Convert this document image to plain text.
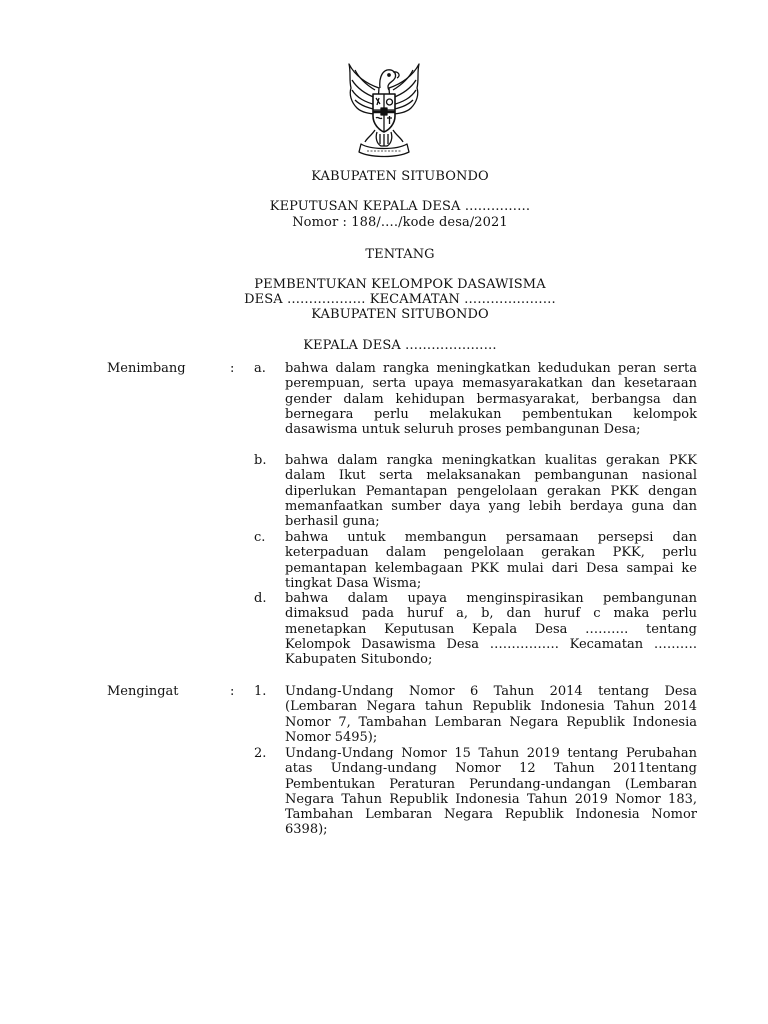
KABUPATEN SITUBONDO
KEPUTUSAN KEPALA DESA ……………
Nomor : 188/…./kode desa/2021
TENTANG
PEMBENTUKAN KELOMPOK DASAWISMA
DESA ……………… KECAMATAN …………………
KABUPATEN SITUBONDO
KEPALA DESA …………………
Menimbang	: a. bahwa dalam rangka meningkatkan kedudukan peran serta perempuan, serta upaya memasyarakatkan dan kesetaraan gender dalam kehidupan bermasyarakat, berbangsa dan bernegara perlu melakukan pembentukan kelompok dasawisma untuk seluruh proses pembangunan Desa;

b. bahwa dalam rangka meningkatkan kualitas gerakan PKK dalam Ikut serta melaksanakan pembangunan nasional diperlukan Pemantapan pengelolaan gerakan PKK dengan memanfaatkan sumber daya yang lebih berdaya guna dan berhasil guna;

c. bahwa untuk membangun persamaan persepsi dan keterpaduan dalam pengelolaan gerakan PKK, perlu pemantapan kelembagaan PKK mulai dari Desa sampai ke tingkat Dasa Wisma;

d. bahwa dalam upaya menginspirasikan pembangunan dimaksud pada huruf a, b, dan huruf c maka perlu menetapkan Keputusan Kepala Desa ………. tentang Kelompok Dasawisma Desa ……………. Kecamatan ………. Kabupaten Situbondo;

Mengingat	: 1. Undang-Undang Nomor 6 Tahun 2014 tentang Desa (Lembaran Negara tahun Republik Indonesia Tahun 2014 Nomor 7, Tambahan Lembaran Negara Republik Indonesia Nomor 5495);

2. Undang-Undang Nomor 15 Tahun 2019 tentang Perubahan atas Undang-undang Nomor 12 Tahun 2011tentang Pembentukan Peraturan Perundang-undangan (Lembaran Negara Tahun Republik Indonesia Tahun 2019 Nomor 183, Tambahan Lembaran Negara Republik Indonesia Nomor 6398);
